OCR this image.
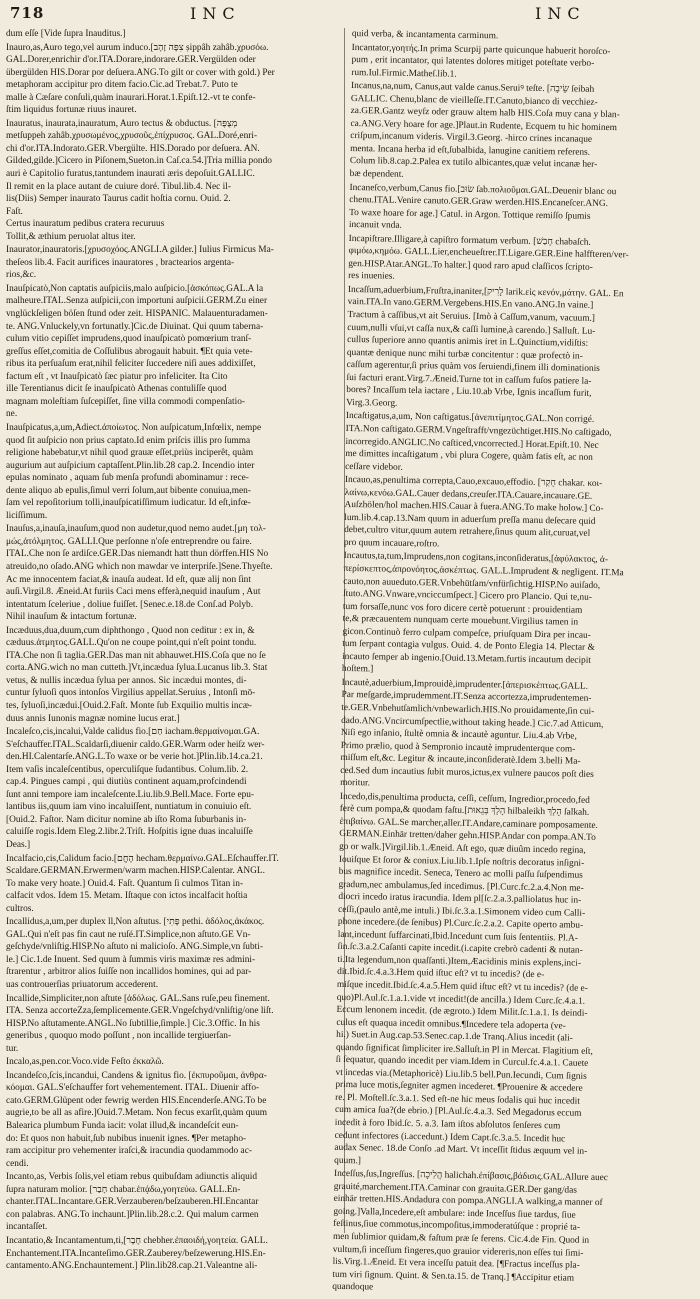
718	INC	INC
dum eſſe [Vide ſupra Inauditus.]
Inauro,as,Auro tego,vel aurum induco.[צִפָּה זָהָב ṣippâh zahâb.χρυσόω.
GAL.Dorer,enrichir d'or.ITA.Dorare,indorare.GER.Vergülden oder
übergülden HIS.Dorar por deſuera.ANG.To gilt or cover with gold.) Per
metaphoram accipitur pro ditem facio.Cic.ad Trebat.7. Puto te
malle à Cæſare conſuli,quàm inaurari.Horat.1.Epiſt.12.-vt te confe-
ſtim liquidus fortunæ riuus inauret.
Inauratus, inaurata,inauratum, Auro tectus & obductus. [מְצֻפֶּה
metſuppeh zahâb.χρυσωμένος,χρυσοῦς,ἐπίχρυσος. GAL.Doré,enri-
chi d'or.ITA.Indorato.GER.Vbergülte. HIS.Dorado por deſuera. AN.
Gilded,gilde.]Cicero in Piſonem,Sueton.in Caſ.ca.54.]Tria millia pondo
auri è Capitolio furatus,tantundem inaurati æris depoſuit.GALLIC.
Il remit en la place autant de cuiure doré. Tibul.lib.4. Nec il-
lis(Diis) Semper inaurato Taurus cadit hoſtia cornu. Ouid. 2.
Faſt.
Certus inauratum pedibus cratera recuruus
Tollit,& æthium peruolat altus iter.
Inaurator,inauratoris.[χρυσοχόος.ANGLI.A gilder.] Iulius Firmicus Ma-
theſeos lib.4. Facit aurifices inauratores , bractearios argenta-
rios,&c.
Inauſpicatò,Non captatis auſpiciis,malo auſpicio.[ἀσκόπως.GAL.A la
malheure.ITAL.Senza auſpicii,con importuni auſpicii.GERM.Zu einer
vnglückſeligen böſen ſtund oder zeit. HISPANIC. Malauenturadamen-
te. ANG.Vnluckely,vn fortunatly.]Cic.de Diuinat. Qui quum taberna-
culum vitio cepiſſet imprudens,quod inauſpicatò pomœrium tranſ-
greſſus eſſet,comitia de Coſſulibus abrogauit habuit. ¶Et quia vete-
ribus ita perſuaſum erat,nihil feliciter ſuccedere niſi aues addixiſſet,
factum eſt , vt Inauſpicatò ſæc piatur pro infeliciter. Ita Cito
ille Terentianus dicit ſe inauſpicatò Athenas contuliſſe quod
magnam moleſtiam ſuſcepiſſet, ſine villa commodi compenſatio-
ne.
Inauſpicatus,a,um,Adiect.ἀποίωτος. Non auſpicatum,Infœlix, nempe
quod ſit auſpicio non prius captato.Id enim priſcis illis pro ſumma
religione habebatur,vt nihil quod grauæ eſſet,priùs inciperêt, quàm
augurium aut auſpicium captaſſent.Plin.lib.28 cap.2. Incendio inter
epulas nominato , aquam ſub menſa profundi abominamur : rece-
dente aliquo ab epulis,ſimul verri ſolum,aut bibente conuiua,men-
ſam vel repoſitorium tolli,inauſpicatiſſimum iudicatur. Id eſt,infœ-
liciſſimum.
Inauſus,a,inauſa,inauſum,quod non audetur,quod nemo audet.[μη τολ-
μώς,ἀτόλμητος. GALLI.Que perſonne n'oſe entreprendre ou faire.
ITAL.Che non ſe ardiſce.GER.Das niemandt hatt thun dörffen.HIS No
atreuido,no oſado.ANG which non mawdar ve interpriſe.]Sene.Thyeſte.
Ac me innocentem faciat,& inauſa audeat. Id eſt, quæ alij non ſint
auſi.Virgil.8. Æneid.At furiis Caci mens efferà,nequid inauſum , Aut
intentatum ſceleriue , doliue fuiſſet. [Senec.e.18.de Conſ.ad Polyb.
Nihil inauſum & intactum fortunæ.
Incæduus,dua,duum,cum diphthongo , Quod non ceditur : ex in, &
cæduus.ἀτμητος.GALL.Qu'on ne coupe point,qui n'eſt point tondu.
ITA.Che non ſi taglia.GER.Das man nit abhauwet.HIS.Coſa que no ſe
corta.ANG.wich no man cutteth.]Vt,incædua ſylua.Lucanus lib.3. Stat
vetus, & nullis incædua ſylua per annos. Sic incædui montes, di-
cuntur ſyluoſi quos intonſos Virgilius appellat.Seruius , Intonſi mō-
tes, ſyluoſi,incædui.[Ouid.2.Faſt. Monte ſub Exquilio multis incæ-
duus annis Iunonis magnæ nomine lucus erat.]
Incaleſco,cis,incalui,Valde calidus fio.[חַם iacham.θερμαίνομαι.GA.
S'eſchauffer.ITAL.Scaldarſi,diuenir caldo.GER.Warm oder heiſz wer-
den.HI.Calentarſe.ANG.L.To waxe or be verie hot.]Plin.lib.14.ca.21.
Item vaſis incaleſcentibus, operculiſque ſudantibus. Colum.lib. 2.
cap.4. Pingues campi , qui diutiùs continent aquam,profcindendi
ſunt anni tempore iam incaleſcente.Liu.lib.9.Bell.Mace. Forte epu-
lantibus iis,quum iam vino incaluiſſent, nuntiatum in conuiuio eſt.
[Ouid.2. Faſtor. Nam dicitur nomine ab iſto Roma ſuburbanis in-
caluiſſe rogis.Idem Eleg.2.libr.2.Triſt. Hoſpitis igne duas incaluiſſe
Deas.]
Incalfacio,cis,Calidum facio.[הֶחֱם hecham.θερμαίνω.GAL.Eſchauffer.IT.
Scaldare.GERMAN.Erwermen/warm machen.HISP.Calentar. ANGL.
To make very hoate.] Ouid.4. Faſt. Quantum ſi culmos Titan in-
calfacit vdos. Idem 15. Metam. Iſtaque con ictos incalfacit hoſtia
cultros.
Incallidus,a,um,per duplex ll,Non aſtutus. [פֶּתִי pethi. ἀδόλος,ἀκάκος.
GAL.Qui n'eſt pas fin caut ne ruſé.IT.Simplice,non aſtuto.GE Vn-
geſchyde/vnliſtig.HISP.No aſtuto ni malicioſo. ANG.Simple,vn ſubti-
le.] Cic.1.de Inuent. Sed quum à ſummis viris maximæ res admini-
ſtrarentur , arbitror alios ſuiſſe non incallidos homines, qui ad par-
uas controuerſias priuatorum accederent.
Incallide,Simpliciter,non aſtute [ἀδόλως. GAL.Sans ruſe,peu finement.
ITA. Senza accorteZza,ſemplicemente.GER.Vngeſchyd/vnliſtig/one liſt.
HISP.No aſtutamente.ANGL.No ſubtillie,ſimple.] Cic.3.Offic. In his
generibus , quoquo modo poſſunt , non incallide tergiuerſan-
tur.
Incalo,as,pen.cor.Voco.vide Feſto ἐκκαλῶ.
Incandeſco,ſcis,incandui, Candens & ignitus fio. [ἐκπυροῦμαι, ἀνθρα-
κόομαι. GAL.S'eſchauffer fort vehementement. ITAL. Diuenir affo-
cato.GERM.Glüpent oder fewrig werden HIS.Encenderſe.ANG.To be
augrie,to be all as afire.]Ouid.7.Metam. Non fecus exarſit,quàm quum
Balearica plumbum Funda iacit: volat illud,& incandeſcit eun-
do: Et quos non habuit,ſub nubibus inuenit ignes. ¶Per metapho-
ram accipitur pro vehementer iraſci,& iracundia quodammodo ac-
cendi.
Incanto,as, Verbis ſolis,vel etiam rebus quibuſdam adiunctis aliquid
ſupra naturam molior. [חָבַר chabar.ἐπᾴδω,γοητεύω. GALL.En-
chanter.ITAL.Incantare.GER.Verzauberen/beſzauberen.HI.Encantar
con palabras. ANG.To inchaunt.]Plin.lib.28.c.2. Qui malum carmen
incantaſſet.
Incantatio,& Incantamentum,ti,[חֶבֶר chebher.ἐπαοιδή,γοητεία. GALL.
Enchantement.ITA.Incanteſimo.GER.Zauberey/beſzewerung.HIS.En-
cantamento.ANG.Enchauntement.] Plin.lib28.cap.21.Valeantne ali-
quid verba, & incantamenta carminum.
Incantator,γοητής.In prima Scurpij parte quicunque habuerit horoſco-
pum , erit incantator, qui latentes dolores mitiget poteſtate verbo-
rum.Iul.Firmic.Matheſ.lib.1.
Incanus,na,num, Canus,aut valde canus.Seruiꝰ teſte. [שֵׂיבָה ſeibah
GALLIC. Chenu,blanc de vieilleſſe.IT.Canuto,bianco di vecchiez-
za.GER.Gantz weyſz oder grauw altem halb HIS.Coſa muy cana y blan-
ca.ANG.Very hoare for age.]Plaut.in Rudente, Ecquem tu hic hominem
criſpum,incanum videris. Virgil.3.Georg. -hirco crines incanaque
menta. Incana herba id eſt,ſubalbida, lanugine canitiem referens.
Colum lib.8.cap.2.Palea ex tutilo albicantes,quæ velut incanæ her-
bæ dependent.
Incaneſco,verbum,Canus fio.[שׂוּב ſab.πολιοῦμαι.GAL.Deuenir blanc ou
chenu.ITAL.Venire canuto.GER.Graw werden.HIS.Encaneſcer.ANG.
To waxe hoare for age.] Catul. in Argon. Tottique remiſſo ſpumis
incanuit vnda.
Incapiſtrare.Illigare,à capiſtro formatum verbum. [חָבַשׁ chabaſch.
φιμόω,κημόω. GALL.Lier,encheueſtrer.IT.Ligare.GER.Eine halffteren/ver-
gen.HISP.Atar.ANGL.To halter.] quod raro apud claſſicos ſcripto-
res inuenies.
Incaſſum,aduerbium,Fruſtra,inaniter,[לָרִיק larik.εἰς κενόν,μάτην. GAL. En
vain.ITA.In vano.GERM.Vergebens.HIS.En vano.ANG.In vaine.]
Tractum à caſſibus,vt ait Seruius. [Imò à Caſſum,vanum, vacuum.]
cuum,nulli vſui,vt caſſa nux,& caſſi lumine,à carendo.] Salluſt. Lu-
cullus ſuperiore anno quantis animis iret in L.Quinctium,vidiſtis:
quantæ denique nunc mihi turbæ concitentur : quæ profectò in-
caſſum agerentur,ſi prius quàm vos ſeruiendi,finem illi dominationis
ſui facturi erant.Virg.7.Æneid.Turne tot in caſſum fuſos patiere la-
bores? Incaſſum tela iactare , Liu.10.ab Vrbe, Ignis incaſſum furit,
Virg.3.Georg.
Incaſtigatus,a,um, Non caſtigatus.[ἀνεπιτίμητος.GAL.Non corrigé.
ITA.Non caſtigato.GERM.Vngeſtrafft/vngezüchtiget.HIS.No caſtigado,
incorregido.ANGLIC.No caſticed,vncorrected.] Horat.Epiſt.10. Nec
me dimittes incaſtigatum , vbi plura Cogere, quàm fatis eſt, ac non
ceſſare videbor.
Incauo,as,penultima correpta,Cauo,excauo,effodio. [חָקַר chakar. κοι-
λαίνω,κενόω.GAL.Cauer dedans,creuſer.ITA.Cauare,incauare.GE.
Auſzhölen/hol machen.HIS.Cauar à fuera.ANG.To make holow.] Co-
lum.lib.4.cap.13.Nam quum in aduerſum preſſa manu deſecare quid
debet,cultro vitur,quum autem retrahere,ſinus quum alit,curuat,vel
pro quum incauare,roſtro.
Incautus,ta,tum,Imprudens,non cogitans,inconſideratus,[ἀφύλακτος, ἀ-
περίσκεπτος,ἀπρονόητος,ἀσκέπτως. GAL.L.Imprudent & negligent. IT.Ma
cauto,non auueduto.GER.Vnbehütſam/vnfürſichtig.HISP.No auiſado,
ſtuto.ANG.Vnware,vnciccumſpect.] Cicero pro Plancio. Qui te,nu-
tum forsaſſe,nunc vos foro dicere certè potuerunt : prouidentiam
te,& præcauentem nunquam certe mouebunt.Virgilius tamen in
gicon.Continuò ferro culpam compeſce, priuſquam Dira per incau-
tum ſerpant contagia vulgus. Ouid. 4. de Ponto Elegia 14. Plectar &
incauto ſemper ab ingenio.[Ouid.13.Metam.furtis incautum decipit
hoſtem.]
Incautè,aduerbium,Improuidè,imprudenter.[ἀπερισκέπτως.GALL.
Par meſgarde,imprudemment.IT.Senza accortezza,imprudentemen-
te.GER.Vnbehutſamlich/vnbewarlich.HIS.No prouidamente,ſin cui-
dado.ANG.Vncircumſpectlie,without taking heade.] Cic.7.ad Atticum,
Niſi ego inſanio, ſtultè omnia & incautè aguntur. Liu.4.ab Vrbe,
Primo prælio, quod à Sempronio incautè imprudenterque com-
miſſum eſt,&c. Legitur & incaute,inconſideratè.Idem 3.belli Ma-
ced.Sed dum incautius ſubit muros,ictus,ex vulnere paucos poſt dies
moritur.
Incedo,dis,penultima producta, ceſſi, ceſſum, Ingredior,procedo,fed
ferè cum pompa,& quodam faſtu.[הָלַךְ בְּגֵאוּת hilbaleikh הָלַךְ ſalkah.
ἐπιβαίνω. GAL.Se marcher,aller.IT.Andare,caminare pomposamente.
GERMAN.Einhär tretten/daher gehn.HISP.Andar con pompa.AN.To
go or walk.]Virgil.lib.1.Æneid. Aſt ego, quæ diuûm incedo regina,
Iouiſque Et ſoror & coniux.Liu.lib.1.Ipſe noſtris decoratus inſigni-
bus magnifice incedit. Seneca, Tenero ac molli paſſu ſuſpendimus
gradum,nec ambulamus,ſed incedimus. [Pl.Curc.fc.2.a.4.Non me-
diocri incedo iratus iracundia. Idem pl[ſc.2.a.3.palliolatus huc in-
ceſſi,(paulo antè,me intuli.) Ibi.ſc.3.a.1.Simonem video cum Calli-
phone incedere.(de ſenibus) Pl.Curc.ſc.2.a.2. Capite operto ambu-
lant,incedunt ſuffarcinati,Ibid.Incedunt cum ſuis ſententiis. Pl.A-
ſin.ſc.3.a.2.Caſanti capite incedit.(i.capite crebrò cadenti & nutan-
ti.Ita legendum,non quaſſanti.)Item,Æacidinis minis explens,inci-
dit.Ibid.ſc.4.a.3.Hem quid iſtuc eſt? vt tu incedis? (de e-
miſque incedit.Ibid.ſc.4.a.5.Hem quid iſtuc eſt? vt tu incedis? (de e-
quo)Pl.Aul.ſc.1.a.1.vide vt incedit!(de ancilla.) Idem Curc.ſc.4.a.1.
Eccum lenonem incedit. (de ægroto.) Idem Milit.ſc.1.a.1. Is deindi-
culus eſt quaqua incedit omnibus.¶Incedere tela adoperta (ve-
hi.) Suet.in Aug.cap.53.Senec.cap.1.de Tranq.Alius incedit (ali-
quando ſignificat ſimpliciter ire.Salluſt.in Pl in Mercat. Flagitium eſt,
ſi ſequatur, quando incedit per viam.Idem in Curcul.fc.4.a.1. Cauete
vt incedas via.(Metaphoricè) Liu.lib.5 bell.Pun.Iecundi, Cum ſignis
prima luce motis,ſegniter agmen incederet. ¶Prouenire & accedere
re. Pl. Moſtell.ſc.3.a.1. Sed eſt-ne hic meus ſodalis qui huc incedit
cum amica ſua?(de ebrio.) [Pl.Aul.ſc.4.a.3. Sed Megadorus eccum
incedit à foro Ibid.ſc. 5. a.3. Iam iſtos abſolutos ſenſeres cum
cedunt infectores (i.accedunt.) Idem Capt.ſc.3.a.5. Incedit huc
audax Senec. 18.de Conſo .ad Mart. Vt inceſſit ſtidus æquum vel in-
quum.]
Inceſſus,ſus,Ingreſſus. [הֲלִיכָה halichah.ἐπίβασις,βάδισις.GAL.Allure auec
grauité,marchement.ITA.Caminar con grauita.GER.Der gang/das
einhär tretten.HIS.Andadura con pompa.ANGLI.A walking,a manner of
going.]Valla,Incedere,eſt ambulare: inde Inceſſus ſiue tardus, ſiue
feſtinus,ſiue commotus,incompoſitus,immoderatúſque : proprié ta-
men ſublimior quidam,& faſtum præ ſe ferens. Cic.4.de Fin. Quod in
vultum,ſi inceſſum fingeres,quo grauior videreris,non eſſes tui ſimi-
lis.Virg.1.Æneid. Et vera inceſſu patuit dea. [¶Fractus inceſſus pla-
tum viri ſignum. Quint. & Sen.ta.15. de Tranq.] ¶Accipitur etiam
quandoque
